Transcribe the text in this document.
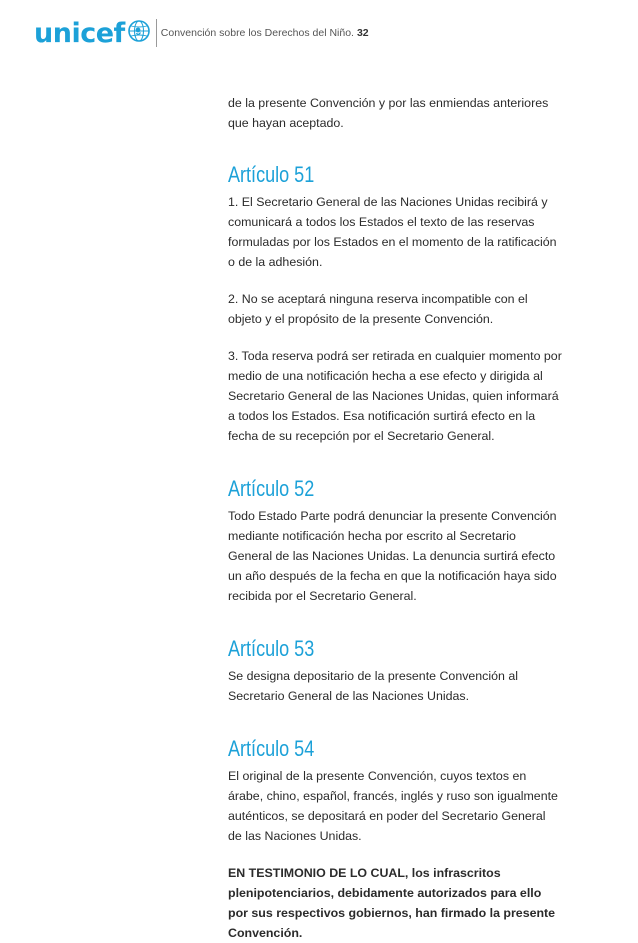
unicef	Convención sobre los Derechos del Niño. 32

de la presente Convención y por las enmiendas anteriores que hayan aceptado.

Artículo 51

1. El Secretario General de las Naciones Unidas recibirá y comunicará a todos los Estados el texto de las reservas formuladas por los Estados en el momento de la ratificación o de la adhesión.

2. No se aceptará ninguna reserva incompatible con el objeto y el propósito de la presente Convención.

3. Toda reserva podrá ser retirada en cualquier momento por medio de una notificación hecha a ese efecto y dirigida al Secretario General de las Naciones Unidas, quien informará a todos los Estados. Esa notificación surtirá efecto en la fecha de su recepción por el Secretario General.

Artículo 52

Todo Estado Parte podrá denunciar la presente Convención mediante notificación hecha por escrito al Secretario General de las Naciones Unidas. La denuncia surtirá efecto un año después de la fecha en que la notificación haya sido recibida por el Secretario General.

Artículo 53

Se designa depositario de la presente Convención al Secretario General de las Naciones Unidas.

Artículo 54

El original de la presente Convención, cuyos textos en árabe, chino, español, francés, inglés y ruso son igualmente auténticos, se depositará en poder del Secretario General de las Naciones Unidas.

EN TESTIMONIO DE LO CUAL, los infrascritos plenipotenciarios, debidamente autorizados para ello por sus respectivos gobiernos, han firmado la presente Convención.
